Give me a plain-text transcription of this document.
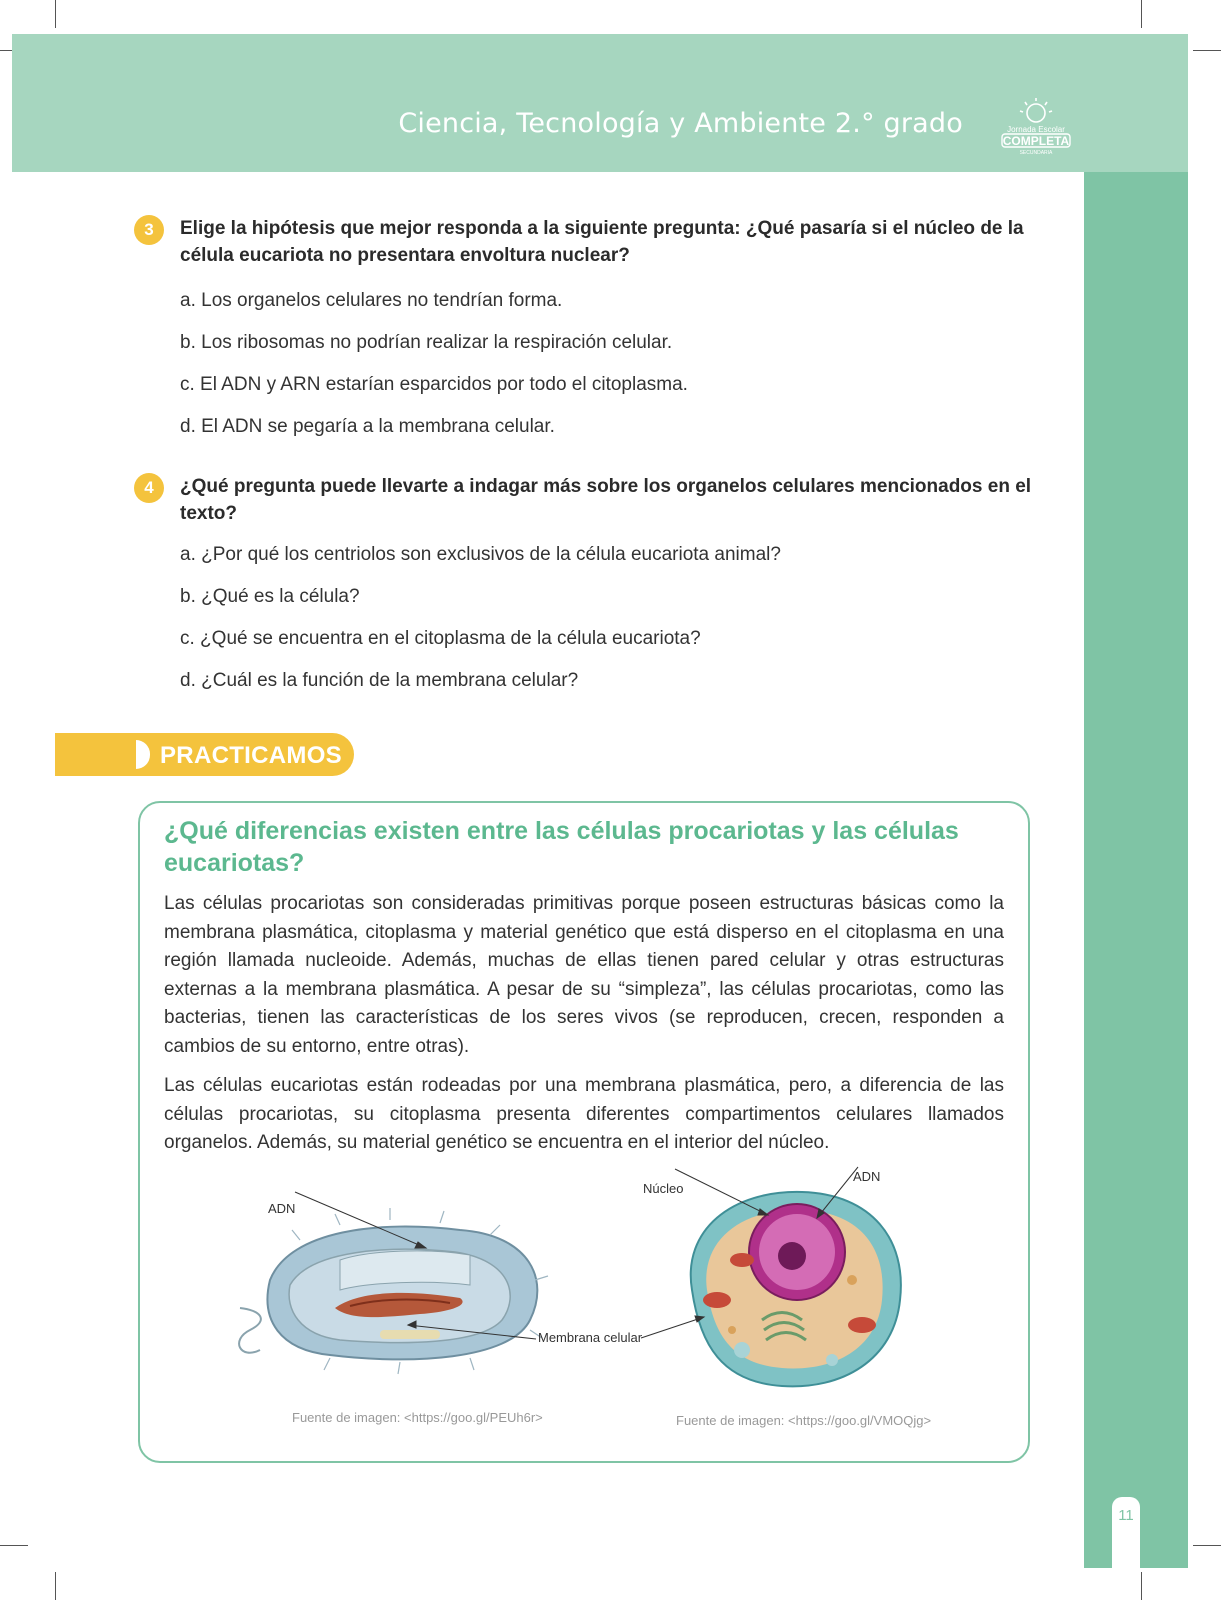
Ciencia, Tecnología y Ambiente 2.° grado	Jornada Escolar
COMPLETA
SECUNDARIA
11
3	Elige la hipótesis que mejor responda a la siguiente pregunta: ¿Qué pasaría si el núcleo de la célula eucariota no presentara envoltura nuclear?
a. Los organelos celulares no tendrían forma.
b. Los ribosomas no podrían realizar la respiración celular.
c. El ADN y ARN estarían esparcidos por todo el citoplasma.
d. El ADN se pegaría a la membrana celular.
4	¿Qué pregunta puede llevarte a indagar más sobre los organelos celulares mencionados en el texto?
a. ¿Por qué los centriolos son exclusivos de la célula eucariota animal?
b. ¿Qué es la célula?
c. ¿Qué se encuentra en el citoplasma de la célula eucariota?
d. ¿Cuál es la función de la membrana celular?
PRACTICAMOS
¿Qué diferencias existen entre las células procariotas y las células eucariotas?
Las células procariotas son consideradas primitivas porque poseen estructuras básicas como la membrana plasmática, citoplasma y material genético que está disperso en el citoplasma en una región llamada nucleoide. Además, muchas de ellas tienen pared celular y otras estructuras externas a la membrana plasmática. A pesar de su “simpleza”, las células procariotas, como las bacterias, tienen las características de los seres vivos (se reproducen, crecen, responden a cambios de su entorno, entre otras).
Las células eucariotas están rodeadas por una membrana plasmática, pero, a diferencia de las células procariotas, su citoplasma presenta diferentes compartimentos celulares llamados organelos. Además, su material genético se encuentra en el interior del núcleo.
ADN
Núcleo
ADN
Membrana celular
Fuente de imagen: <https://goo.gl/PEUh6r>	Fuente de imagen: <https://goo.gl/VMOQjg>
